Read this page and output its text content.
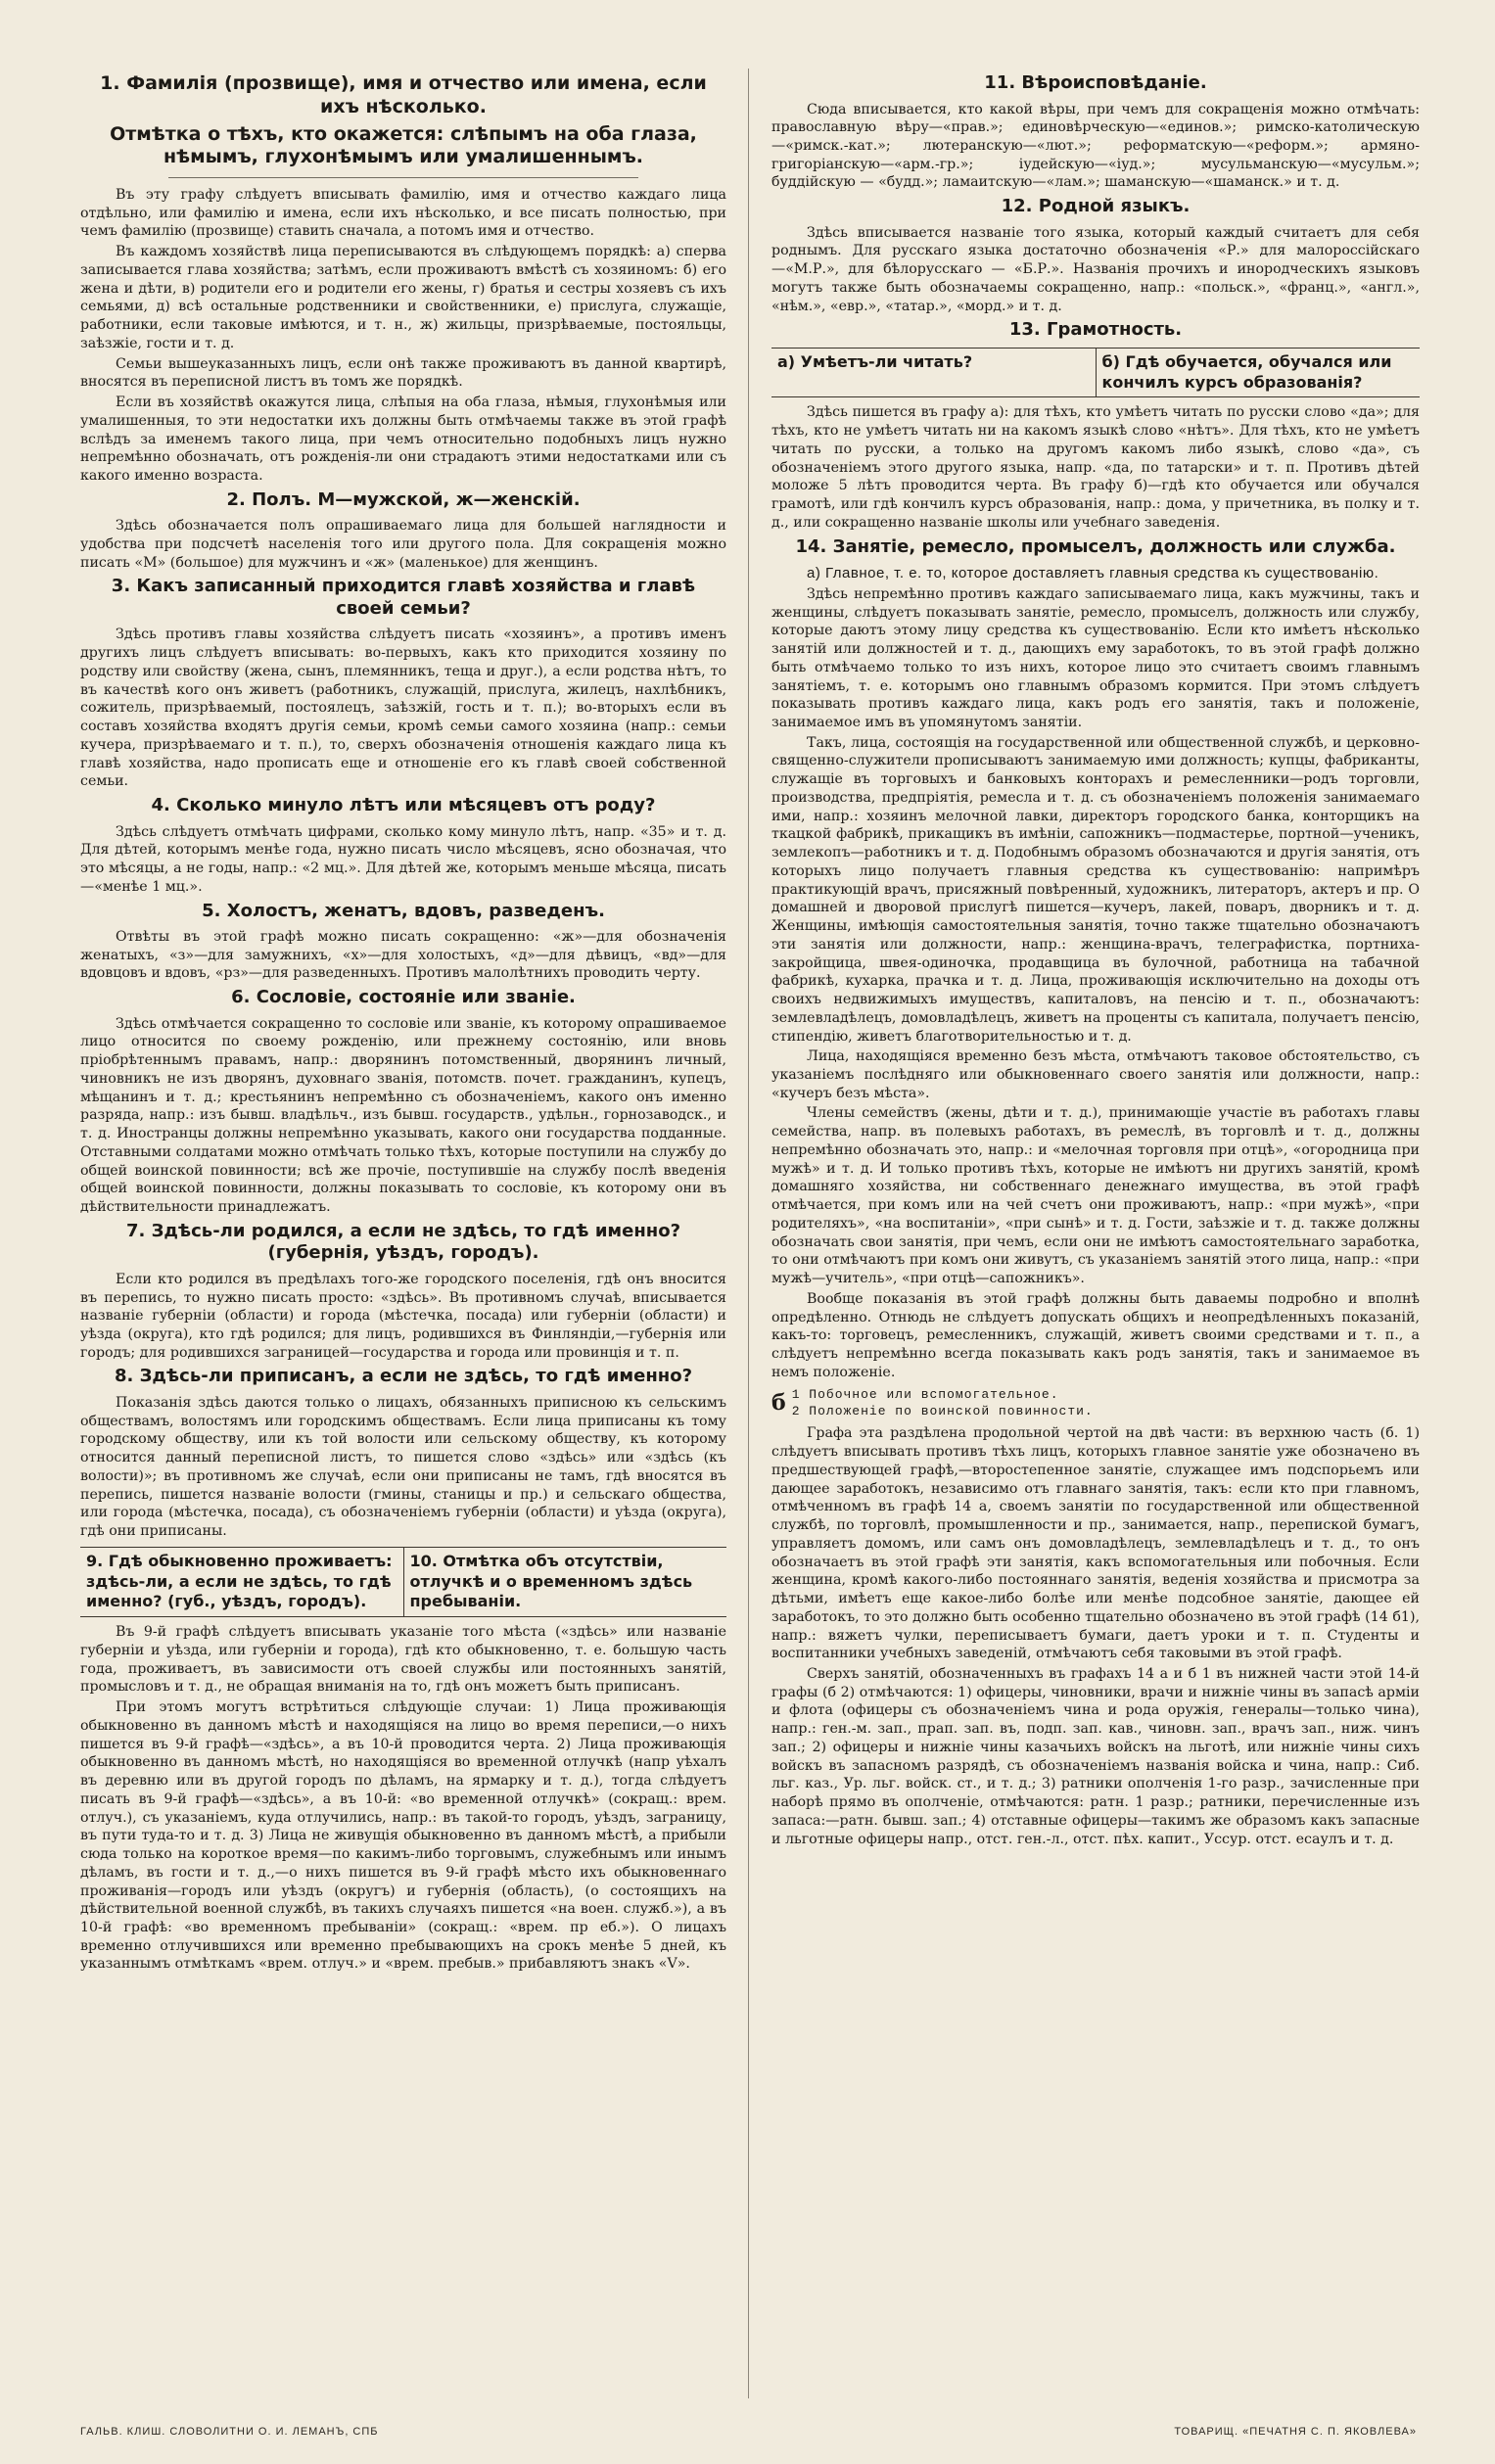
1. Фамилія (прозвище), имя и отчество или имена, если ихъ нѣсколько.
Отмѣтка о тѣхъ, кто окажется: слѣпымъ на оба глаза, нѣмымъ, глухонѣмымъ или умалишеннымъ.

Въ эту графу слѣдуетъ вписывать фамилію, имя и отчество каждаго лица отдѣльно, или фамилію и имена, если ихъ нѣсколько, и все писать полностью, при чемъ фамилію (прозвище) ставить сначала, а потомъ имя и отчество.

Въ каждомъ хозяйствѣ лица переписываются въ слѣдующемъ порядкѣ: а) сперва записывается глава хозяйства; затѣмъ, если проживаютъ вмѣстѣ съ хозяиномъ: б) его жена и дѣти, в) родители его и родители его жены, г) братья и сестры хозяевъ съ ихъ семьями, д) всѣ остальные родственники и свойственники, е) прислуга, служащіе, работники, если таковые имѣются, и т. н., ж) жильцы, призрѣваемые, постояльцы, заѣзжіе, гости и т. д.

Семьи вышеуказанныхъ лицъ, если онѣ также проживаютъ въ данной квартирѣ, вносятся въ переписной листъ въ томъ же порядкѣ.

Если въ хозяйствѣ окажутся лица, слѣпыя на оба глаза, нѣмыя, глухонѣмыя или умалишенныя, то эти недостатки ихъ должны быть отмѣчаемы также въ этой графѣ вслѣдъ за именемъ такого лица, при чемъ относительно подобныхъ лицъ нужно непремѣнно обозначать, отъ рожденія-ли они страдаютъ этими недостатками или съ какого именно возраста.

2. Полъ. М—мужской, ж—женскій.

Здѣсь обозначается полъ опрашиваемаго лица для большей наглядности и удобства при подсчетѣ населенія того или другого пола. Для сокращенія можно писать «М» (большое) для мужчинъ и «ж» (маленькое) для женщинъ.

3. Какъ записанный приходится главѣ хозяйства и главѣ своей семьи?

Здѣсь противъ главы хозяйства слѣдуетъ писать «хозяинъ», а противъ именъ другихъ лицъ слѣдуетъ вписывать: во-первыхъ, какъ кто приходится хозяину по родству или свойству (жена, сынъ, племянникъ, теща и друг.), а если родства нѣтъ, то въ качествѣ кого онъ живетъ (работникъ, служащій, прислуга, жилецъ, нахлѣбникъ, сожитель, призрѣваемый, постоялецъ, заѣзжій, гость и т. п.); во-вторыхъ если въ составъ хозяйства входятъ другія семьи, кромѣ семьи самого хозяина (напр.: семьи кучера, призрѣваемаго и т. п.), то, сверхъ обозначенія отношенія каждаго лица къ главѣ хозяйства, надо прописать еще и отношеніе его къ главѣ своей собственной семьи.

4. Сколько минуло лѣтъ или мѣсяцевъ отъ роду?

Здѣсь слѣдуетъ отмѣчать цифрами, сколько кому минуло лѣтъ, напр. «35» и т. д. Для дѣтей, которымъ менѣе года, нужно писать число мѣсяцевъ, ясно обозначая, что это мѣсяцы, а не годы, напр.: «2 мц.». Для дѣтей же, которымъ меньше мѣсяца, писать—«менѣе 1 мц.».

5. Холостъ, женатъ, вдовъ, разведенъ.

Отвѣты въ этой графѣ можно писать сокращенно: «ж»—для обозначенія женатыхъ, «з»—для замужнихъ, «х»—для холостыхъ, «д»—для дѣвицъ, «вд»—для вдовцовъ и вдовъ, «рз»—для разведенныхъ. Противъ малолѣтнихъ проводить черту.

6. Сословіе, состояніе или званіе.

Здѣсь отмѣчается сокращенно то сословіе или званіе, къ которому опрашиваемое лицо относится по своему рожденію, или прежнему состоянію, или вновь пріобрѣтеннымъ правамъ, напр.: дворянинъ потомственный, дворянинъ личный, чиновникъ не изъ дворянъ, духовнаго званія, потомств. почет. гражданинъ, купецъ, мѣщанинъ и т. д.; крестьянинъ непремѣнно съ обозначеніемъ, какого онъ именно разряда, напр.: изъ бывш. владѣльч., изъ бывш. государств., удѣльн., горнозаводск., и т. д. Иностранцы должны непремѣнно указывать, какого они государства подданные. Отставными солдатами можно отмѣчать только тѣхъ, которые поступили на службу до общей воинской повинности; всѣ же прочіе, поступившіе на службу послѣ введенія общей воинской повинности, должны показывать то сословіе, къ которому они въ дѣйствительности принадлежатъ.

7. Здѣсь-ли родился, а если не здѣсь, то гдѣ именно? (губернія, уѣздъ, городъ).

Если кто родился въ предѣлахъ того-же городского поселенія, гдѣ онъ вносится въ перепись, то нужно писать просто: «здѣсь». Въ противномъ случаѣ, вписывается названіе губерніи (области) и города (мѣстечка, посада) или губерніи (области) и уѣзда (округа), кто гдѣ родился; для лицъ, родившихся въ Финляндіи,—губернія или городъ; для родившихся заграницей—государства и города или провинція и т. п.

8. Здѣсь-ли приписанъ, а если не здѣсь, то гдѣ именно?

Показанія здѣсь даются только о лицахъ, обязанныхъ приписною къ сельскимъ обществамъ, волостямъ или городскимъ обществамъ. Если лица приписаны къ тому городскому обществу, или къ той волости или сельскому обществу, къ которому относится данный переписной листъ, то пишется слово «здѣсь» или «здѣсь (къ волости)»; въ противномъ же случаѣ, если они приписаны не тамъ, гдѣ вносятся въ перепись, пишется названіе волости (гмины, станицы и пр.) и сельскаго общества, или города (мѣстечка, посада), съ обозначеніемъ губерніи (области) и уѣзда (округа), гдѣ они приписаны.

9. Гдѣ обыкновенно проживаетъ: здѣсь-ли, а если не здѣсь, то гдѣ именно? (губ., уѣздъ, городъ).
10. Отмѣтка объ отсутствіи, отлучкѣ и о временномъ здѣсь пребываніи.

Въ 9-й графѣ слѣдуетъ вписывать указаніе того мѣста («здѣсь» или названіе губерніи и уѣзда, или губерніи и города), гдѣ кто обыкновенно, т. е. большую часть года, проживаетъ, въ зависимости отъ своей службы или постоянныхъ занятій, промысловъ и т. д., не обращая вниманія на то, гдѣ онъ можетъ быть приписанъ.

При этомъ могутъ встрѣтиться слѣдующіе случаи: 1) Лица проживающія обыкновенно въ данномъ мѣстѣ и находящіяся на лицо во время переписи,—о нихъ пишется въ 9-й графѣ—«здѣсь», а въ 10-й проводится черта. 2) Лица проживающія обыкновенно въ данномъ мѣстѣ, но находящіяся во временной отлучкѣ (напр уѣхалъ въ деревню или въ другой городъ по дѣламъ, на ярмарку и т. д.), тогда слѣдуетъ писать въ 9-й графѣ—«здѣсь», а въ 10-й: «во временной отлучкѣ» (сокращ.: врем. отлуч.), съ указаніемъ, куда отлучились, напр.: въ такой-то городъ, уѣздъ, заграницу, въ пути туда-то и т. д. 3) Лица не живущія обыкновенно въ данномъ мѣстѣ, а прибыли сюда только на короткое время—по какимъ-либо торговымъ, служебнымъ или инымъ дѣламъ, въ гости и т. д.,—о нихъ пишется въ 9-й графѣ мѣсто ихъ обыкновеннаго проживанія—городъ или уѣздъ (округъ) и губернія (область), (о состоящихъ на дѣйствительной военной службѣ, въ такихъ случаяхъ пишется «на воен. служб.»), а въ 10-й графѣ: «во временномъ пребываніи» (сокращ.: «врем. пр еб.»). О лицахъ временно отлучившихся или временно пребывающихъ на срокъ менѣе 5 дней, къ указаннымъ отмѣткамъ «врем. отлуч.» и «врем. пребыв.» прибавляютъ знакъ «V».

11. Вѣроисповѣданіе.

Сюда вписывается, кто какой вѣры, при чемъ для сокращенія можно отмѣчать: православную вѣру—«прав.»; единовѣрческую—«единов.»; римско-католическую—«римск.-кат.»; лютеранскую—«лют.»; реформатскую—«реформ.»; армяно-григоріанскую—«арм.-гр.»; іудейскую—«іуд.»; мусульманскую—«мусульм.»; буддійскую — «будд.»; ламаитскую—«лам.»; шаманскую—«шаманск.» и т. д.

12. Родной языкъ.

Здѣсь вписывается названіе того языка, который каждый считаетъ для себя роднымъ. Для русскаго языка достаточно обозначенія «Р.» для малороссійскаго—«М.Р.», для бѣлорусскаго — «Б.Р.». Названія прочихъ и инородческихъ языковъ могутъ также быть обозначаемы сокращенно, напр.: «польск.», «франц.», «англ.», «нѣм.», «евр.», «татар.», «морд.» и т. д.

13. Грамотность.
а) Умѣетъ-ли читать?	б) Гдѣ обучается, обучался или кончилъ курсъ образованія?

Здѣсь пишется въ графу а): для тѣхъ, кто умѣетъ читать по русски слово «да»; для тѣхъ, кто не умѣетъ читать ни на какомъ языкѣ слово «нѣтъ». Для тѣхъ, кто не умѣетъ читать по русски, а только на другомъ какомъ либо языкѣ, слово «да», съ обозначеніемъ этого другого языка, напр. «да, по татарски» и т. п. Противъ дѣтей моложе 5 лѣтъ проводится черта. Въ графу б)—гдѣ кто обучается или обучался грамотѣ, или гдѣ кончилъ курсъ образованія, напр.: дома, у причетника, въ полку и т. д., или сокращенно названіе школы или учебнаго заведенія.

14. Занятіе, ремесло, промыселъ, должность или служба.

а) Главное, т. е. то, которое доставляетъ главныя средства къ существованію.

Здѣсь непремѣнно противъ каждаго записываемаго лица, какъ мужчины, такъ и женщины, слѣдуетъ показывать занятіе, ремесло, промыселъ, должность или службу, которые даютъ этому лицу средства къ существованію. Если кто имѣетъ нѣсколько занятій или должностей и т. д., дающихъ ему заработокъ, то въ этой графѣ должно быть отмѣчаемо только то изъ нихъ, которое лицо это считаетъ своимъ главнымъ занятіемъ, т. е. которымъ оно главнымъ образомъ кормится. При этомъ слѣдуетъ показывать противъ каждаго лица, какъ родъ его занятія, такъ и положеніе, занимаемое имъ въ упомянутомъ занятіи.

Такъ, лица, состоящія на государственной или общественной службѣ, и церковно-священно-служители прописываютъ занимаемую ими должность; купцы, фабриканты, служащіе въ торговыхъ и банковыхъ конторахъ и ремесленники—родъ торговли, производства, предпріятія, ремесла и т. д. съ обозначеніемъ положенія занимаемаго ими, напр.: хозяинъ мелочной лавки, директоръ городского банка, конторщикъ на ткацкой фабрикѣ, прикащикъ въ имѣніи, сапожникъ—подмастерье, портной—ученикъ, землекопъ—работникъ и т. д. Подобнымъ образомъ обозначаются и другія занятія, отъ которыхъ лицо получаетъ главныя средства къ существованію: напримѣръ практикующій врачъ, присяжный повѣренный, художникъ, литераторъ, актеръ и пр. О домашней и дворовой прислугѣ пишется—кучеръ, лакей, поваръ, дворникъ и т. д. Женщины, имѣющія самостоятельныя занятія, точно также тщательно обозначаютъ эти занятія или должности, напр.: женщина-врачъ, телеграфистка, портниха-закройщица, швея-одиночка, продавщица въ булочной, работница на табачной фабрикѣ, кухарка, прачка и т. д. Лица, проживающія исключительно на доходы отъ своихъ недвижимыхъ имуществъ, капиталовъ, на пенсію и т. п., обозначаютъ: землевладѣлецъ, домовладѣлецъ, живетъ на проценты съ капитала, получаетъ пенсію, стипендію, живетъ благотворительностью и т. д.

Лица, находящіяся временно безъ мѣста, отмѣчаютъ таковое обстоятельство, съ указаніемъ послѣдняго или обыкновеннаго своего занятія или должности, напр.: «кучеръ безъ мѣста».

Члены семействъ (жены, дѣти и т. д.), принимающіе участіе въ работахъ главы семейства, напр. въ полевыхъ работахъ, въ ремеслѣ, въ торговлѣ и т. д., должны непремѣнно обозначать это, напр.: и «мелочная торговля при отцѣ», «огородница при мужѣ» и т. д. И только противъ тѣхъ, которые не имѣютъ ни другихъ занятій, кромѣ домашняго хозяйства, ни собственнаго денежнаго имущества, въ этой графѣ отмѣчается, при комъ или на чей счетъ они проживаютъ, напр.: «при мужѣ», «при родителяхъ», «на воспитаніи», «при сынѣ» и т. д. Гости, заѣзжіе и т. д. также должны обозначать свои занятія, при чемъ, если они не имѣютъ самостоятельнаго заработка, то они отмѣчаютъ при комъ они живутъ, съ указаніемъ занятій этого лица, напр.: «при мужѣ—учитель», «при отцѣ—сапожникъ».

Вообще показанія въ этой графѣ должны быть даваемы подробно и вполнѣ опредѣленно. Отнюдь не слѣдуетъ допускать общихъ и неопредѣленныхъ показаній, какъ-то: торговецъ, ремесленникъ, служащій, живетъ своими средствами и т. п., а слѣдуетъ непремѣнно всегда показывать какъ родъ занятія, такъ и занимаемое въ немъ положеніе.

б 1 Побочное или вспомогательное.
2 Положеніе по воинской повинности.

Графа эта раздѣлена продольной чертой на двѣ части: въ верхнюю часть (б. 1) слѣдуетъ вписывать противъ тѣхъ лицъ, которыхъ главное занятіе уже обозначено въ предшествующей графѣ,—второстепенное занятіе, служащее имъ подспорьемъ или дающее заработокъ, независимо отъ главнаго занятія, такъ: если кто при главномъ, отмѣченномъ въ графѣ 14 а, своемъ занятіи по государственной или общественной службѣ, по торговлѣ, промышленности и пр., занимается, напр., перепиской бумагъ, управляетъ домомъ, или самъ онъ домовладѣлецъ, землевладѣлецъ и т. д., то онъ обозначаетъ въ этой графѣ эти занятія, какъ вспомогательныя или побочныя. Если женщина, кромѣ какого-либо постояннаго занятія, веденія хозяйства и присмотра за дѣтьми, имѣетъ еще какое-либо болѣе или менѣе подсобное занятіе, дающее ей заработокъ, то это должно быть особенно тщательно обозначено въ этой графѣ (14 б1), напр.: вяжетъ чулки, переписываетъ бумаги, даетъ уроки и т. п. Студенты и воспитанники учебныхъ заведеній, отмѣчаютъ себя таковыми въ этой графѣ.

Сверхъ занятій, обозначенныхъ въ графахъ 14 а и б 1 въ нижней части этой 14-й графы (б 2) отмѣчаются: 1) офицеры, чиновники, врачи и нижніе чины въ запасѣ арміи и флота (офицеры съ обозначеніемъ чина и рода оружія, генералы—только чина), напр.: ген.-м. зап., прап. зап. въ, подп. зап. кав., чиновн. зап., врачъ зап., ниж. чинъ зап.; 2) офицеры и нижніе чины казачьихъ войскъ на льготѣ, или нижніе чины сихъ войскъ въ запасномъ разрядѣ, съ обозначеніемъ названія войска и чина, напр.: Сиб. льг. каз., Ур. льг. войск. ст., и т. д.; 3) ратники ополченія 1-го разр., зачисленные при наборѣ прямо въ ополченіе, отмѣчаются: ратн. 1 разр.; ратники, перечисленные изъ запаса:—ратн. бывш. зап.; 4) отставные офицеры—такимъ же образомъ какъ запасные и льготные офицеры напр., отст. ген.-л., отст. пѣх. капит., Уссур. отст. есаулъ и т. д.

ГАЛЬВ. КЛИШ. СЛОВОЛИТНИ О. И. ЛЕМАНЪ, СПБ	ТОВАРИЩ. «ПЕЧАТНЯ С. П. ЯКОВЛЕВА»
